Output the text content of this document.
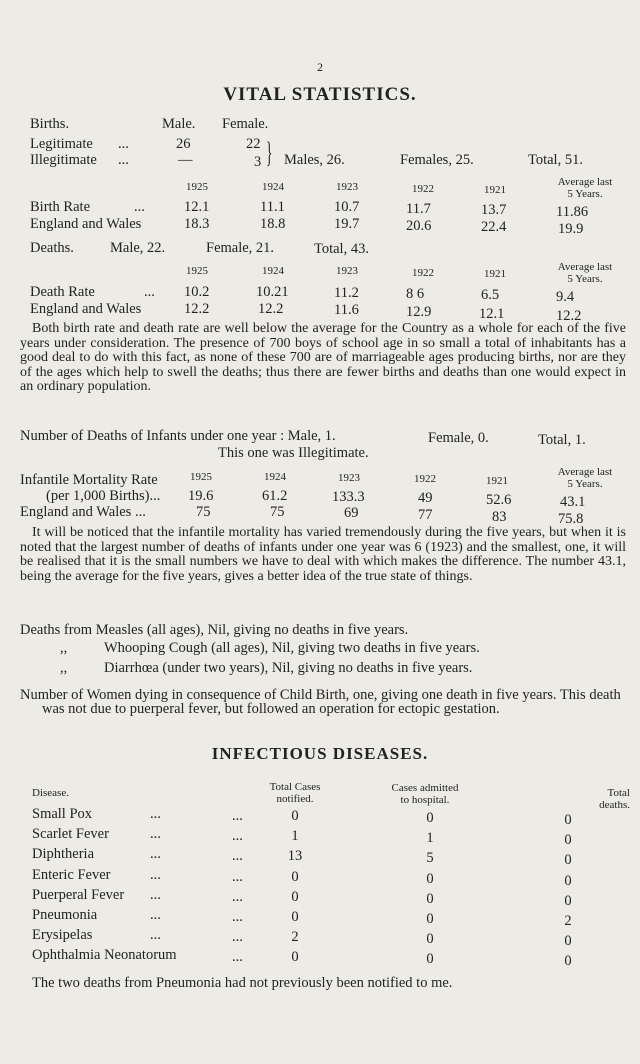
2
VITAL STATISTICS.
Births.	Male. Female.
Legitimate ...	26	22
Illegitimate ...	—	3 } Males, 26.	Females, 25.	Total, 51.
1925	1924	1923	1922	1921
Average last
5 Years.
Birth Rate	...	12.1	11.1	10.7	11.7	13.7	11.86
England and Wales	18.3	18.8	19.7	20.6	22.4	19.9
Deaths. Male, 22.	Female, 21.	Total, 43.
1925	1924	1923	1922	1921
Average last
5 Years.
Death Rate	... 10.2	10.21	11.2	8 6	6.5	9.4
England and Wales	12.2	12.2	11.6	12.9	12.1	12.2
Both birth rate and death rate are well below the average for the Country as a whole for each of the five years under consideration. The presence of 700 boys of school age in so small a total of inhabitants has a good deal to do with this fact, as none of these 700 are of marriageable ages producing births, nor are they of the ages which help to swell the deaths; thus there are fewer births and deaths than one would expect in an ordinary population.
Number of Deaths of Infants under one year : Male, 1.	Female, 0.	Total, 1.
This one was Illegitimate.
1925	1924	1923	1922	1921
Average last
5 Years.
Infantile Mortality Rate
(per 1,000 Births)... 19.6	61.2	133.3	49	52.6	43.1
England and Wales ...	75	75	69	77	83	75.8
It will be noticed that the infantile mortality has varied tremendously during the five years, but when it is noted that the largest number of deaths of infants under one year was 6 (1923) and the smallest, one, it will be realised that it is the small numbers we have to deal with which makes the difference. The number 43.1, being the average for the five years, gives a better idea of the true state of things.
Deaths from Measles (all ages), Nil, giving no deaths in five years.
,,	Whooping Cough (all ages), Nil, giving two deaths in five years.
,,	Diarrhœa (under two years), Nil, giving no deaths in five years.
Number of Women dying in consequence of Child Birth, one, giving one death in five years. This death was not due to puerperal fever, but followed an operation for ectopic gestation.
INFECTIOUS DISEASES.
Disease.	Total Cases
notified.
Cases admitted
to hospital.
Total
deaths.
Small Pox	...	...	0	0	0
Scarlet Fever	...	...	1	1	0
Diphtheria	...	...	13	5	0
Enteric Fever	...	...	0	0	0
Puerperal Fever ...	...	0	0	0
Pneumonia	...	...	0	0	2
Erysipelas	...	...	2	0	0
Ophthalmia Neonatorum	...	0	0	0
The two deaths from Pneumonia had not previously been notified to me.
